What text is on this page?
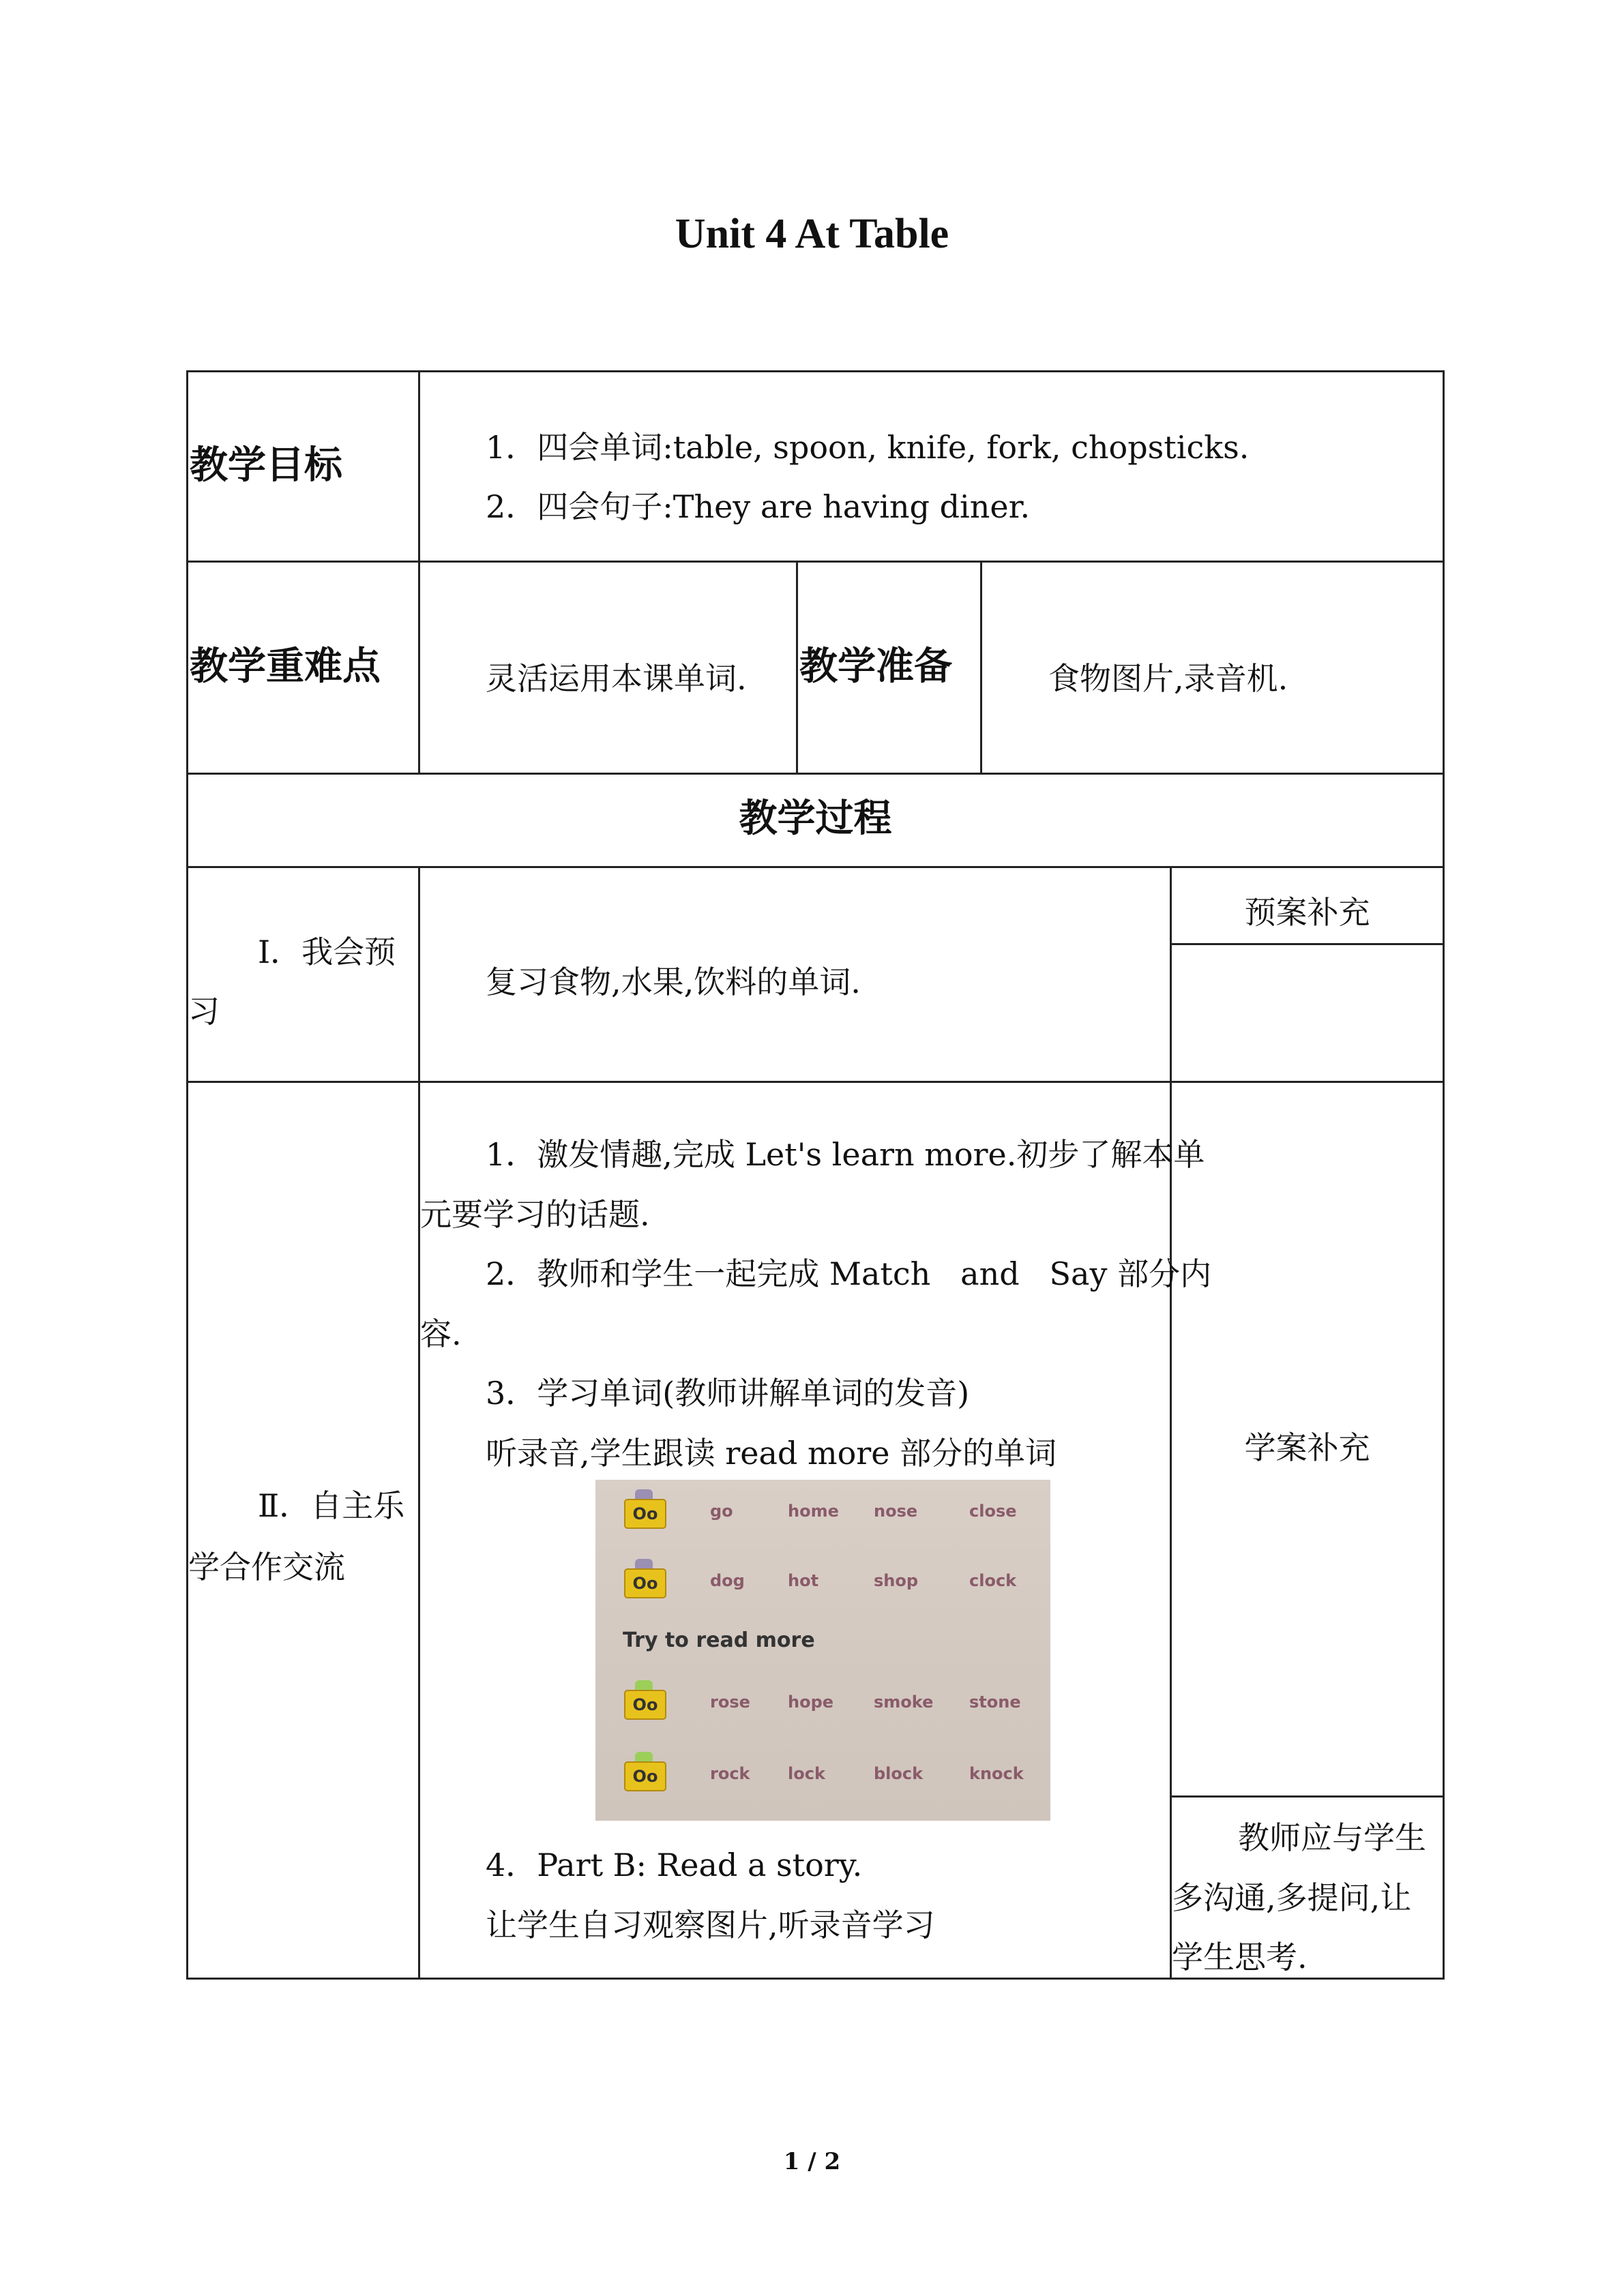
Unit 4 At Table
教学目标	1．四会单词:table, spoon, knife, fork, chopsticks.
2．四会句子:They are having diner.
教学重难点	灵活运用本课单词. 教学准备	食物图片,录音机.
教学过程
Ⅰ．我会预
习
复习食物,水果,饮料的单词.
预案补充
Ⅱ．自主乐
学合作交流
1．激发情趣,完成 Let's learn more.初步了解本单
元要学习的话题.
2．教师和学生一起完成 Match   and   Say 部分内
容.
3．学习单词(教师讲解单词的发音)
听录音,学生跟读 read more 部分的单词
Oo	go	home nose	close
Oo	dog	hot	shop	clock
Try to read more
Oo	rose hope smoke stone
Oo	rock lock	block	knock
4．Part B: Read a story.
让学生自习观察图片,听录音学习
学案补充
教师应与学生
多沟通,多提问,让
学生思考.
1 / 2
